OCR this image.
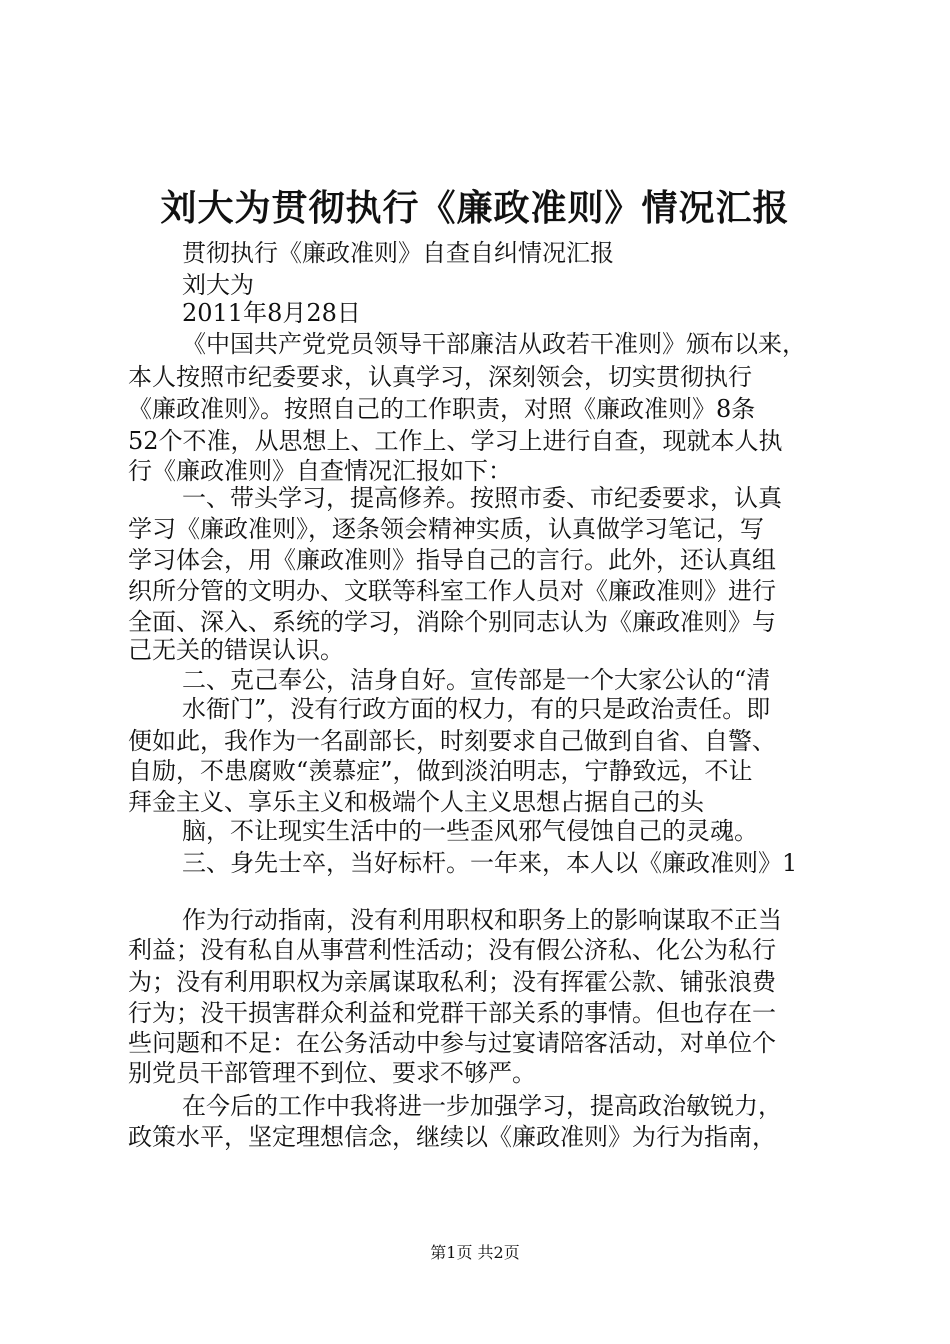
刘大为贯彻执行《廉政准则》情况汇报

贯彻执行《廉政准则》自查自纠情况汇报

刘大为

2011年8月28日

《中国共产党党员领导干部廉洁从政若干准则》颁布以来，

本人按照市纪委要求，认真学习，深刻领会，切实贯彻执行

《廉政准则》。按照自己的工作职责，对照《廉政准则》8条

52个不准，从思想上、工作上、学习上进行自查，现就本人执

行《廉政准则》自查情况汇报如下：

一、带头学习，提高修养。按照市委、市纪委要求，认真

学习《廉政准则》，逐条领会精神实质，认真做学习笔记，写

学习体会，用《廉政准则》指导自己的言行。此外，还认真组

织所分管的文明办、文联等科室工作人员对《廉政准则》进行

全面、深入、系统的学习，消除个别同志认为《廉政准则》与

己无关的错误认识。

二、克己奉公，洁身自好。宣传部是一个大家公认的“清

水衙门”，没有行政方面的权力，有的只是政治责任。即

便如此，我作为一名副部长，时刻要求自己做到自省、自警、

自励，不患腐败“羡慕症”，做到淡泊明志，宁静致远，不让

拜金主义、享乐主义和极端个人主义思想占据自己的头

脑，不让现实生活中的一些歪风邪气侵蚀自己的灵魂。

三、身先士卒，当好标杆。一年来，本人以《廉政准则》1

作为行动指南，没有利用职权和职务上的影响谋取不正当

利益；没有私自从事营利性活动；没有假公济私、化公为私行

为；没有利用职权为亲属谋取私利；没有挥霍公款、铺张浪费

行为；没干损害群众利益和党群干部关系的事情。但也存在一

些问题和不足：在公务活动中参与过宴请陪客活动，对单位个

别党员干部管理不到位、要求不够严。

在今后的工作中我将进一步加强学习，提高政治敏锐力，

政策水平，坚定理想信念，继续以《廉政准则》为行为指南，

第1页 共2页
